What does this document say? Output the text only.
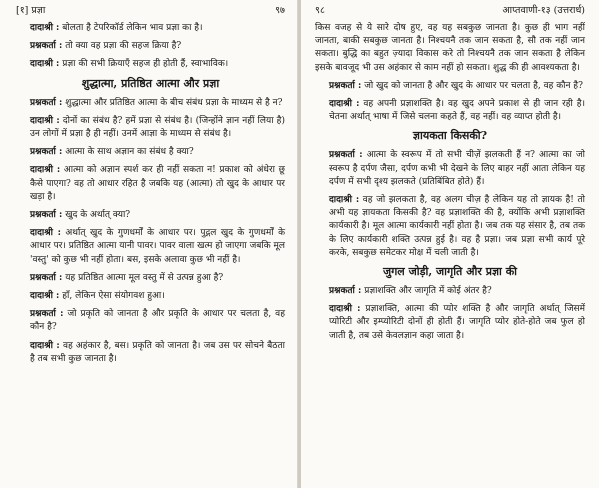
[१] प्रज्ञा	९७
दादाश्री : बोलता है टेपरिकॉर्ड लेकिन भाव प्रज्ञा का है।
प्रश्नकर्ता : तो क्या वह प्रज्ञा की सहज क्रिया है?
दादाश्री : प्रज्ञा की सभी क्रियाएँ सहज ही होती हैं, स्वाभाविक।
शुद्धात्मा, प्रतिष्ठित आत्मा और प्रज्ञा
प्रश्नकर्ता : शुद्धात्मा और प्रतिष्ठित आत्मा के बीच संबंध प्रज्ञा के माध्यम से है न?
दादाश्री : दोनों का संबंध है? हमें प्रज्ञा से संबंध है। (जिन्होंने ज्ञान नहीं लिया है) उन लोगों में प्रज्ञा है ही नहीं। उनमें आज्ञा के माध्यम से संबंध है।
प्रश्नकर्ता : आत्मा के साथ अज्ञान का संबंध है क्या?
दादाश्री : आत्मा को अज्ञान स्पर्श कर ही नहीं सकता न! प्रकाश को अंधेरा छू कैसे पाएगा? वह तो आधार रहित है जबकि यह (आत्मा) तो खुद के आधार पर खड़ा है।
प्रश्नकर्ता : खुद के अर्थात् क्या?
दादाश्री : अर्थात् खुद के गुणधर्मों के आधार पर। पुद्गल खुद के गुणधर्मों के आधार पर। प्रतिष्ठित आत्मा यानी पावर। पावर वाला खत्म हो जाएगा जबकि मूल 'वस्तु' को कुछ भी नहीं होता। बस, इसके अलावा कुछ भी नहीं है।
प्रश्नकर्ता : यह प्रतिष्ठित आत्मा मूल वस्तु में से उत्पन्न हुआ है?
दादाश्री : हाँ, लेकिन ऐसा संयोगवश हुआ।
प्रश्नकर्ता : जो प्रकृति को जानता है और प्रकृति के आधार पर चलता है, वह कौन है?
दादाश्री : वह अहंकार है, बस। प्रकृति को जानता है। जब उस पर सोचने बैठता है तब सभी कुछ जानता है।
९८	आप्तवाणी-१३ (उत्तरार्ध)
किस वजह से ये सारे दोष हुए, वह यह सबकुछ जानता है। कुछ ही भाग नहीं जानता, बाकी सबकुछ जानता है। निश्चयनै तक जान सकता है, सौ तक नहीं जान सकता। बुद्धि का बहुत ज़्यादा विकास करे तो निश्चयनै तक जान सकता है लेकिन इसके बावजूद भी उस अहंकार से काम नहीं हो सकता। शुद्ध की ही आवश्यकता है।
प्रश्नकर्ता : जो खुद को जानता है और खुद के आधार पर चलता है, वह कौन है?
दादाश्री : वह अपनी प्रज्ञाशक्ति है। वह खुद अपने प्रकाश से ही जान रही है। चेतना अर्थात् भाषा में जिसे चलना कहते हैं, वह नहीं। वह व्याप्त होती है।
ज्ञायकता किसकी?
प्रश्नकर्ता : आत्मा के स्वरूप में तो सभी चीज़ें झलकती हैं न? आत्मा का जो स्वरूप है दर्पण जैसा, दर्पण कभी भी देखने के लिए बाहर नहीं आता लेकिन यह दर्पण में सभी दृश्य झलकते (प्रतिबिंबित होते) हैं।
दादाश्री : वह जो झलकता है, वह अलग चीज़ है लेकिन यह तो ज्ञायक है! तो अभी यह ज्ञायकता किसकी है? वह प्रज्ञाशक्ति की है, क्योंकि अभी प्रज्ञाशक्ति कार्यकारी है। मूल आत्मा कार्यकारी नहीं होता है। जब तक यह संसार है, तब तक के लिए कार्यकारी शक्ति उत्पन्न हुई है। वह है प्रज्ञा। जब प्रज्ञा सभी कार्य पूरे करके, सबकुछ समेटकर मोक्ष में चली जाती है।
जुगल जोड़ी, जागृति और प्रज्ञा की
प्रश्नकर्ता : प्रज्ञाशक्ति और जागृति में कोई अंतर है?
दादाश्री : प्रज्ञाशक्ति, आत्मा की प्योर शक्ति है और जागृति अर्थात् जिसमें प्योरिटी और इम्प्योरिटी दोनों ही होती हैं। जागृति प्योर होते-होते जब फुल हो जाती है, तब उसे केवलज्ञान कहा जाता है।
